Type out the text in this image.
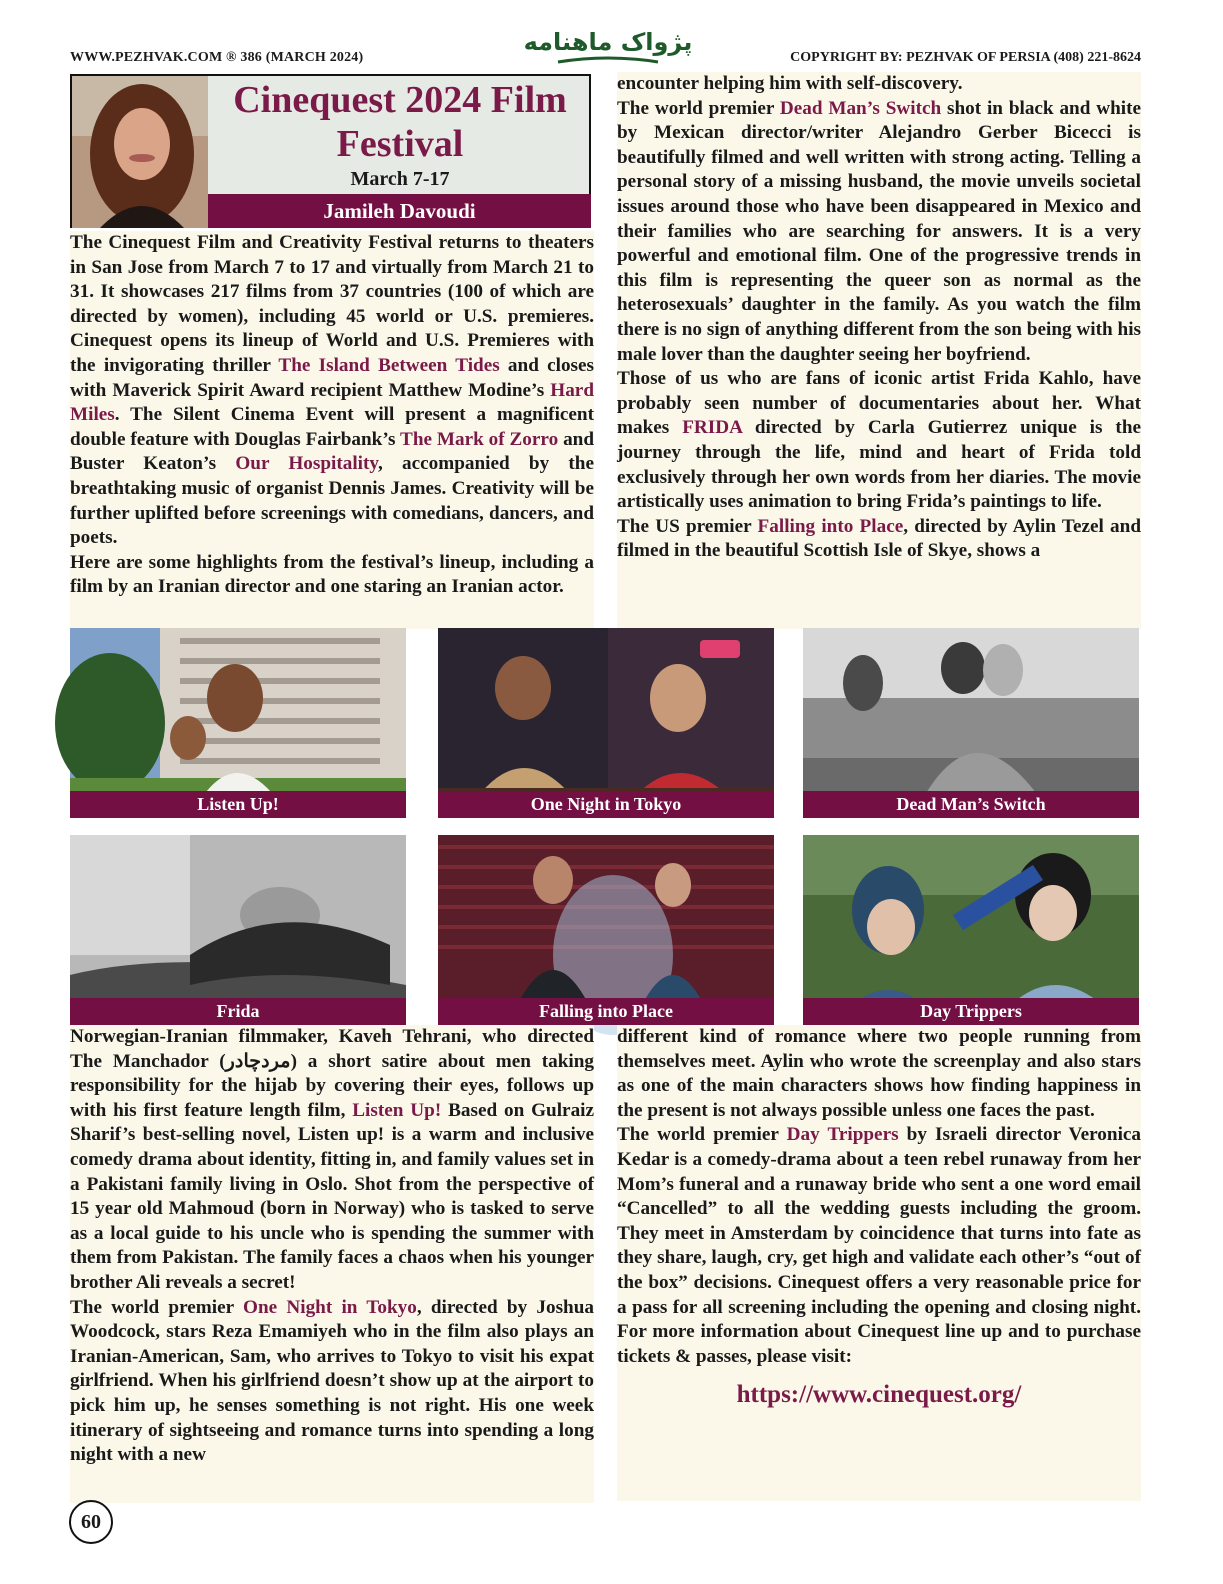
WWW.PEZHVAK.COM ® 386 (MARCH 2024)
پژواک ماهنامه
COPYRIGHT BY: PEZHVAK OF PERSIA (408) 221-8624
Cinequest 2024 Film Festival
March 7-17
Jamileh Davoudi

The Cinequest Film and Creativity Festival returns to theaters in San Jose from March 7 to 17 and virtually from March 21 to 31. It showcases 217 films from 37 countries (100 of which are directed by women), including 45 world or U.S. premieres. Cinequest opens its lineup of World and U.S. Premieres with the invigorating thriller The Island Between Tides and closes with Maverick Spirit Award recipient Matthew Modine’s Hard Miles. The Silent Cinema Event will present a magnificent double feature with Douglas Fairbank’s The Mark of Zorro and Buster Keaton’s Our Hospitality, accompanied by the breathtaking music of organist Dennis James. Creativity will be further uplifted before screenings with comedians, dancers, and poets.

Here are some highlights from the festival’s lineup, including a film by an Iranian director and one staring an Iranian actor.

encounter helping him with self-discovery.

The world premier Dead Man’s Switch shot in black and white by Mexican director/writer Alejandro Gerber Bicecci is beautifully filmed and well written with strong acting. Telling a personal story of a missing husband, the movie unveils societal issues around those who have been disappeared in Mexico and their families who are searching for answers. It is a very powerful and emotional film. One of the progressive trends in this film is representing the queer son as normal as the heterosexuals’ daughter in the family. As you watch the film there is no sign of anything different from the son being with his male lover than the daughter seeing her boyfriend.

Those of us who are fans of iconic artist Frida Kahlo, have probably seen number of documentaries about her. What makes FRIDA directed by Carla Gutierrez unique is the journey through the life, mind and heart of Frida told exclusively through her own words from her diaries. The movie artistically uses animation to bring Frida’s paintings to life.

The US premier Falling into Place, directed by Aylin Tezel and filmed in the beautiful Scottish Isle of Skye, shows a

Listen Up!	One Night in Tokyo	Dead Man’s Switch
Frida	Falling into Place	Day Trippers

Norwegian-Iranian filmmaker, Kaveh Tehrani, who directed The Manchador (مردچادر) a short satire about men taking responsibility for the hijab by covering their eyes, follows up with his first feature length film, Listen Up! Based on Gulraiz Sharif’s best-selling novel, Listen up! is a warm and inclusive comedy drama about identity, fitting in, and family values set in a Pakistani family living in Oslo. Shot from the perspective of 15 year old Mahmoud (born in Norway) who is tasked to serve as a local guide to his uncle who is spending the summer with them from Pakistan. The family faces a chaos when his younger brother Ali reveals a secret!

The world premier One Night in Tokyo, directed by Joshua Woodcock, stars Reza Emamiyeh who in the film also plays an Iranian-American, Sam, who arrives to Tokyo to visit his expat girlfriend. When his girlfriend doesn’t show up at the airport to pick him up, he senses something is not right. His one week itinerary of sightseeing and romance turns into spending a long night with a new

different kind of romance where two people running from themselves meet. Aylin who wrote the screenplay and also stars as one of the main characters shows how finding happiness in the present is not always possible unless one faces the past.

The world premier Day Trippers by Israeli director Veronica Kedar is a comedy-drama about a teen rebel runaway from her Mom’s funeral and a runaway bride who sent a one word email “Cancelled” to all the wedding guests including the groom. They meet in Amsterdam by coincidence that turns into fate as they share, laugh, cry, get high and validate each other’s “out of the box” decisions. Cinequest offers a very reasonable price for a pass for all screening including the opening and closing night. For more information about Cinequest line up and to purchase tickets & passes, please visit:

https://www.cinequest.org/
60
